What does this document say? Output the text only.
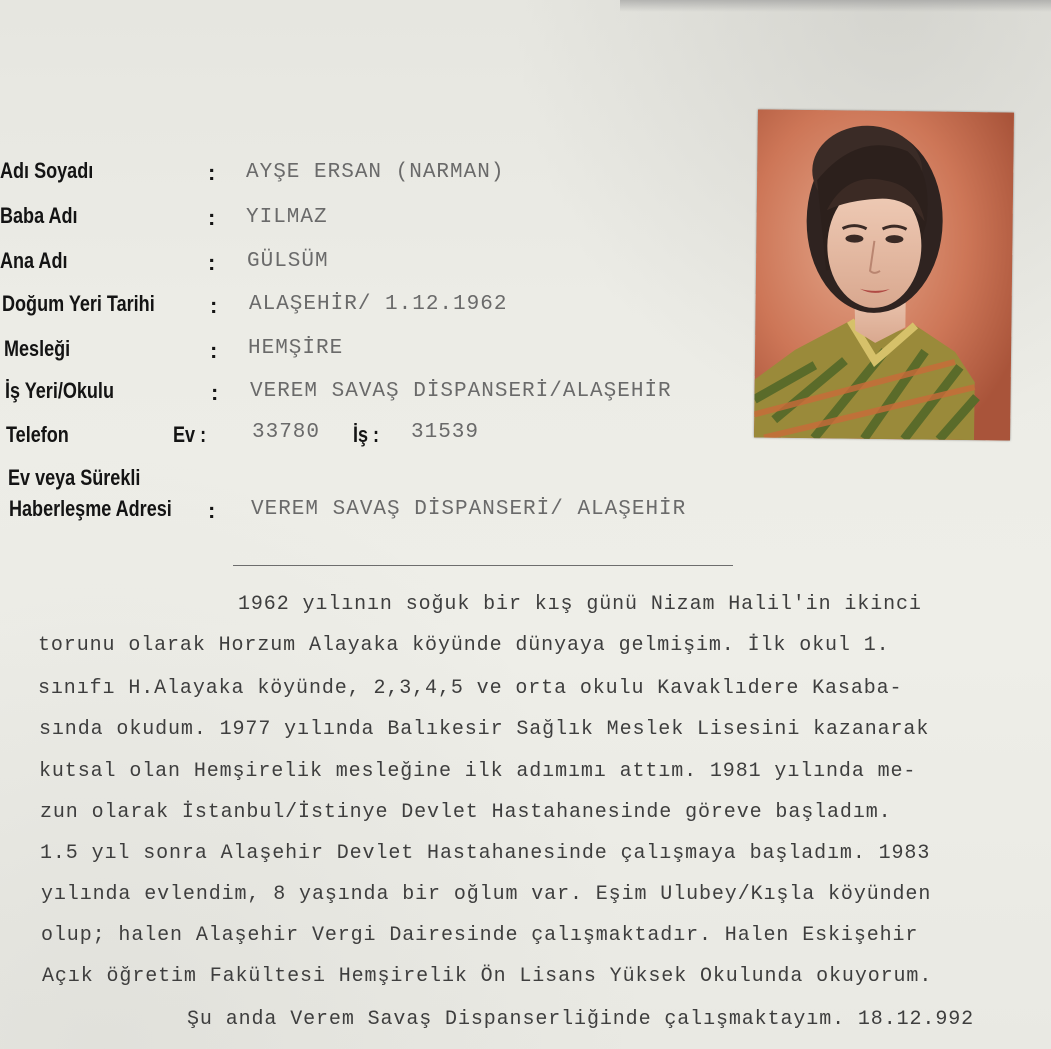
Adı Soyadı
Baba Adı
Ana Adı
Doğum Yeri Tarihi
Mesleği
İş Yeri/Okulu
Telefon	Ev :
Ev veya Sürekli
Haberleşme Adresi
:
:
:
:
:
:
:
AYŞE ERSAN (NARMAN)
YILMAZ
GÜLSÜM
ALAŞEHİR/ 1.12.1962
HEMŞİRE
VEREM SAVAŞ DİSPANSERİ/ALAŞEHİR
33780 İş : 31539
VEREM SAVAŞ DİSPANSERİ/ ALAŞEHİR
1962 yılının soğuk bir kış günü Nizam Halil'in ikinci
torunu olarak Horzum Alayaka köyünde dünyaya gelmişim. İlk okul 1.
sınıfı H.Alayaka köyünde, 2,3,4,5 ve orta okulu Kavaklıdere Kasaba-
sında okudum. 1977 yılında Balıkesir Sağlık Meslek Lisesini kazanarak
kutsal olan Hemşirelik mesleğine ilk adımımı attım. 1981 yılında me-
zun olarak İstanbul/İstinye Devlet Hastahanesinde göreve başladım.
1.5 yıl sonra Alaşehir Devlet Hastahanesinde çalışmaya başladım. 1983
yılında evlendim, 8 yaşında bir oğlum var. Eşim Ulubey/Kışla köyünden
olup; halen Alaşehir Vergi Dairesinde çalışmaktadır. Halen Eskişehir
Açık öğretim Fakültesi Hemşirelik Ön Lisans Yüksek Okulunda okuyorum.
Şu anda Verem Savaş Dispanserliğinde çalışmaktayım. 18.12.992
